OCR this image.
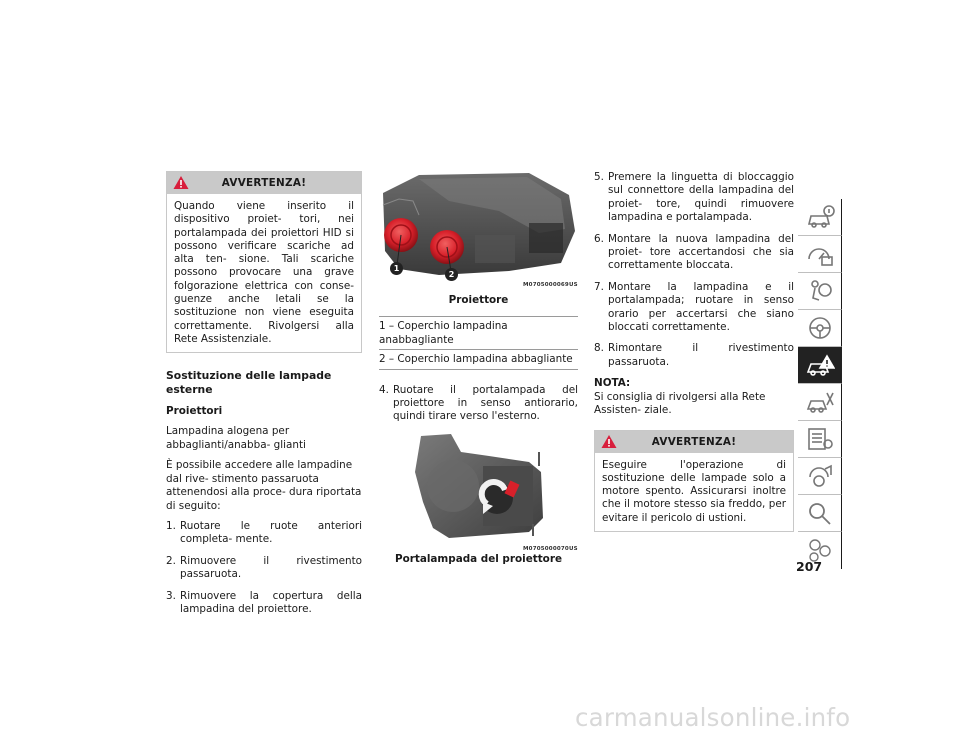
AVVERTENZA!
Quando viene inserito il dispositivo proiet- tori, nei portalampada dei proiettori HID si possono verificare scariche ad alta ten- sione. Tali scariche possono provocare una grave folgorazione elettrica con conse- guenze anche letali se la sostituzione non viene eseguita correttamente. Rivolgersi alla Rete Assistenziale.
Sostituzione delle lampade esterne
Proiettori
Lampadina alogena per abbaglianti/anabba- glianti
È possibile accedere alle lampadine dal rive- stimento passaruota attenendosi alla proce- dura riportata di seguito:
1. Ruotare le ruote anteriori completa- mente.
2. Rimuovere il rivestimento passaruota.
3. Rimuovere la copertura della lampadina del proiettore.
1
2
M0705000069US
Proiettore
1 – Coperchio lampadina anabbagliante
2 – Coperchio lampadina abbagliante
4. Ruotare il portalampada del proiettore in senso antiorario, quindi tirare verso l'esterno.
M0705000070US
Portalampada del proiettore
5. Premere la linguetta di bloccaggio sul connettore della lampadina del proiet- tore, quindi rimuovere lampadina e portalampada.
6. Montare la nuova lampadina del proiet- tore accertandosi che sia correttamente bloccata.
7. Montare la lampadina e il portalampada; ruotare in senso orario per accertarsi che siano bloccati correttamente.
8. Rimontare il rivestimento passaruota.
NOTA:
Si consiglia di rivolgersi alla Rete Assisten- ziale.
AVVERTENZA!
Eseguire l'operazione di sostituzione delle lampade solo a motore spento. Assicurarsi inoltre che il motore stesso sia freddo, per evitare il pericolo di ustioni.
207
carmanualsonline.info
